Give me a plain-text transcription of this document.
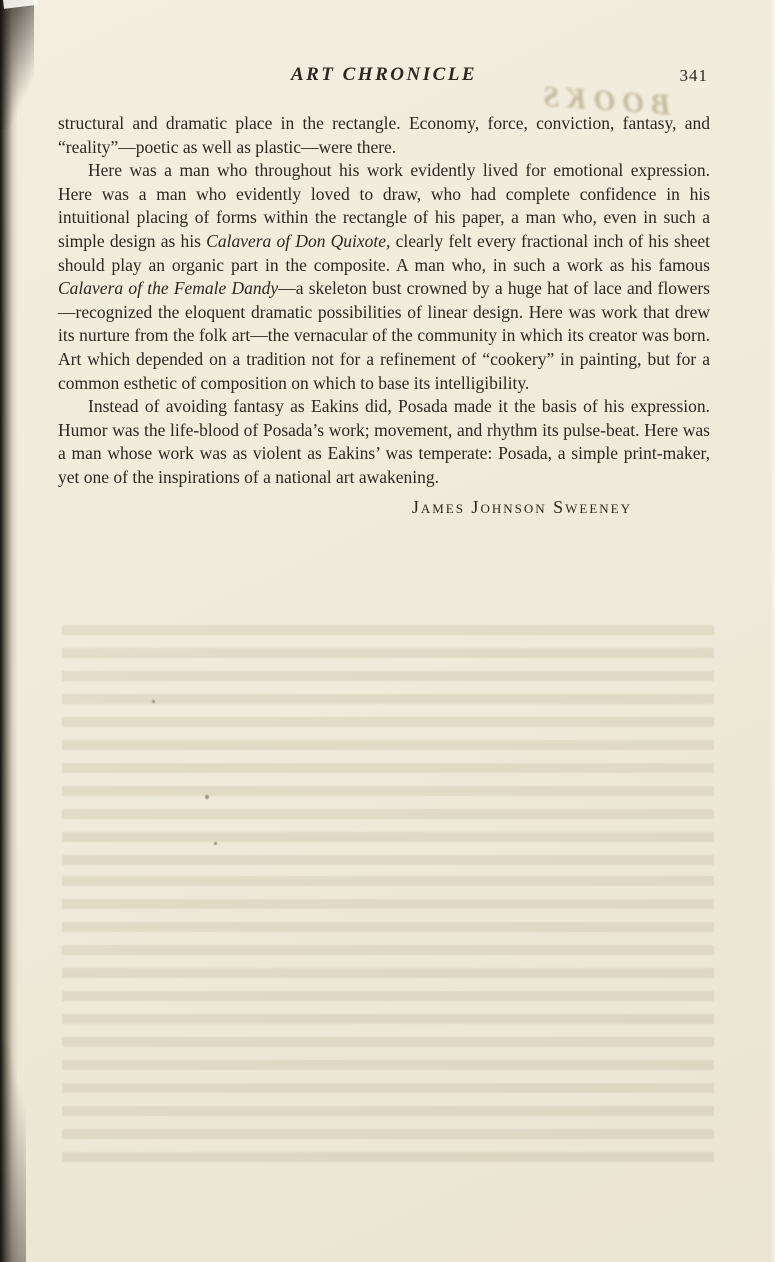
BOOKS
ART CHRONICLE	341

structural and dramatic place in the rectangle. Economy, force, conviction, fantasy, and “reality”—poetic as well as plastic—were there.

Here was a man who throughout his work evidently lived for emotional expression. Here was a man who evidently loved to draw, who had complete confidence in his intuitional placing of forms within the rectangle of his paper, a man who, even in such a simple design as his Calavera of Don Quixote, clearly felt every fractional inch of his sheet should play an organic part in the composite. A man who, in such a work as his famous Calavera of the Female Dandy—a skeleton bust crowned by a huge hat of lace and flowers—recognized the eloquent dramatic possibilities of linear design. Here was work that drew its nurture from the folk art—the vernacular of the community in which its creator was born. Art which depended on a tradition not for a refinement of “cookery” in painting, but for a common esthetic of composition on which to base its intelligibility.

Instead of avoiding fantasy as Eakins did, Posada made it the basis of his expression. Humor was the life-blood of Posada’s work; movement, and rhythm its pulse-beat. Here was a man whose work was as violent as Eakins’ was temperate: Posada, a simple print-maker, yet one of the inspirations of a national art awakening.

James Johnson Sweeney
